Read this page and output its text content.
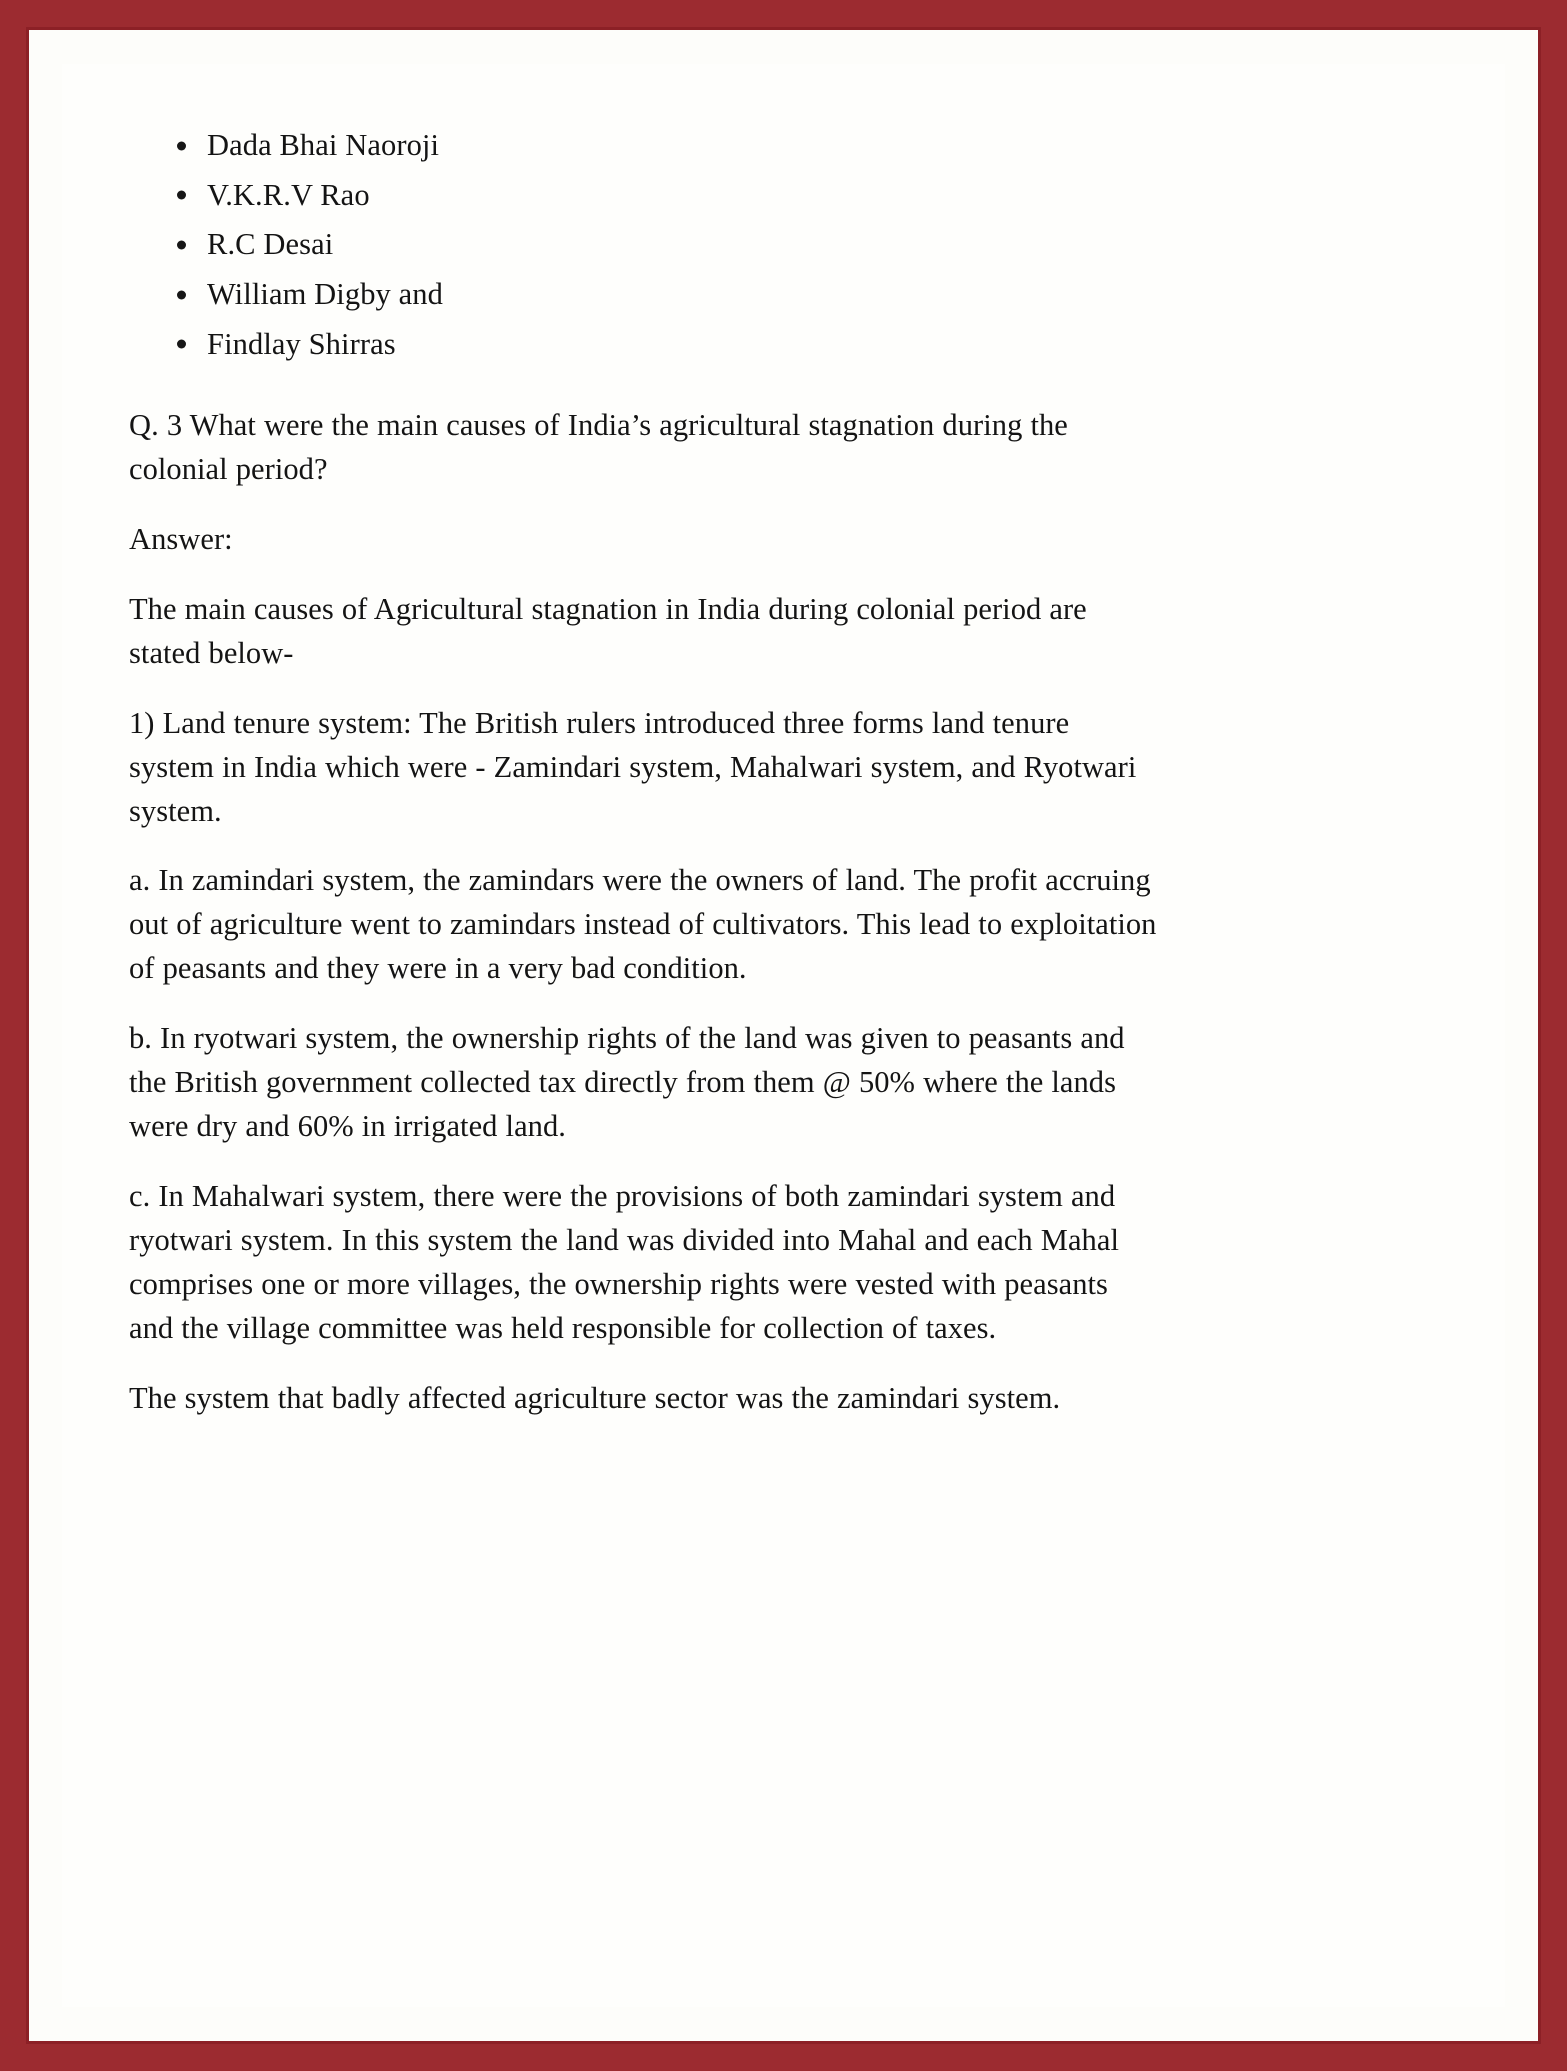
Dada Bhai Naoroji
V.K.R.V Rao
R.C Desai
William Digby and
Findlay Shirras

Q. 3 What were the main causes of India’s agricultural stagnation during the colonial period?

Answer:

The main causes of Agricultural stagnation in India during colonial period are stated below-

1) Land tenure system: The British rulers introduced three forms land tenure system in India which were - Zamindari system, Mahalwari system, and Ryotwari system.

a. In zamindari system, the zamindars were the owners of land. The profit accruing out of agriculture went to zamindars instead of cultivators. This lead to exploitation of peasants and they were in a very bad condition.

b. In ryotwari system, the ownership rights of the land was given to peasants and the British government collected tax directly from them @ 50% where the lands were dry and 60% in irrigated land.

c. In Mahalwari system, there were the provisions of both zamindari system and ryotwari system. In this system the land was divided into Mahal and each Mahal comprises one or more villages, the ownership rights were vested with peasants and the village committee was held responsible for collection of taxes.

The system that badly affected agriculture sector was the zamindari system.
